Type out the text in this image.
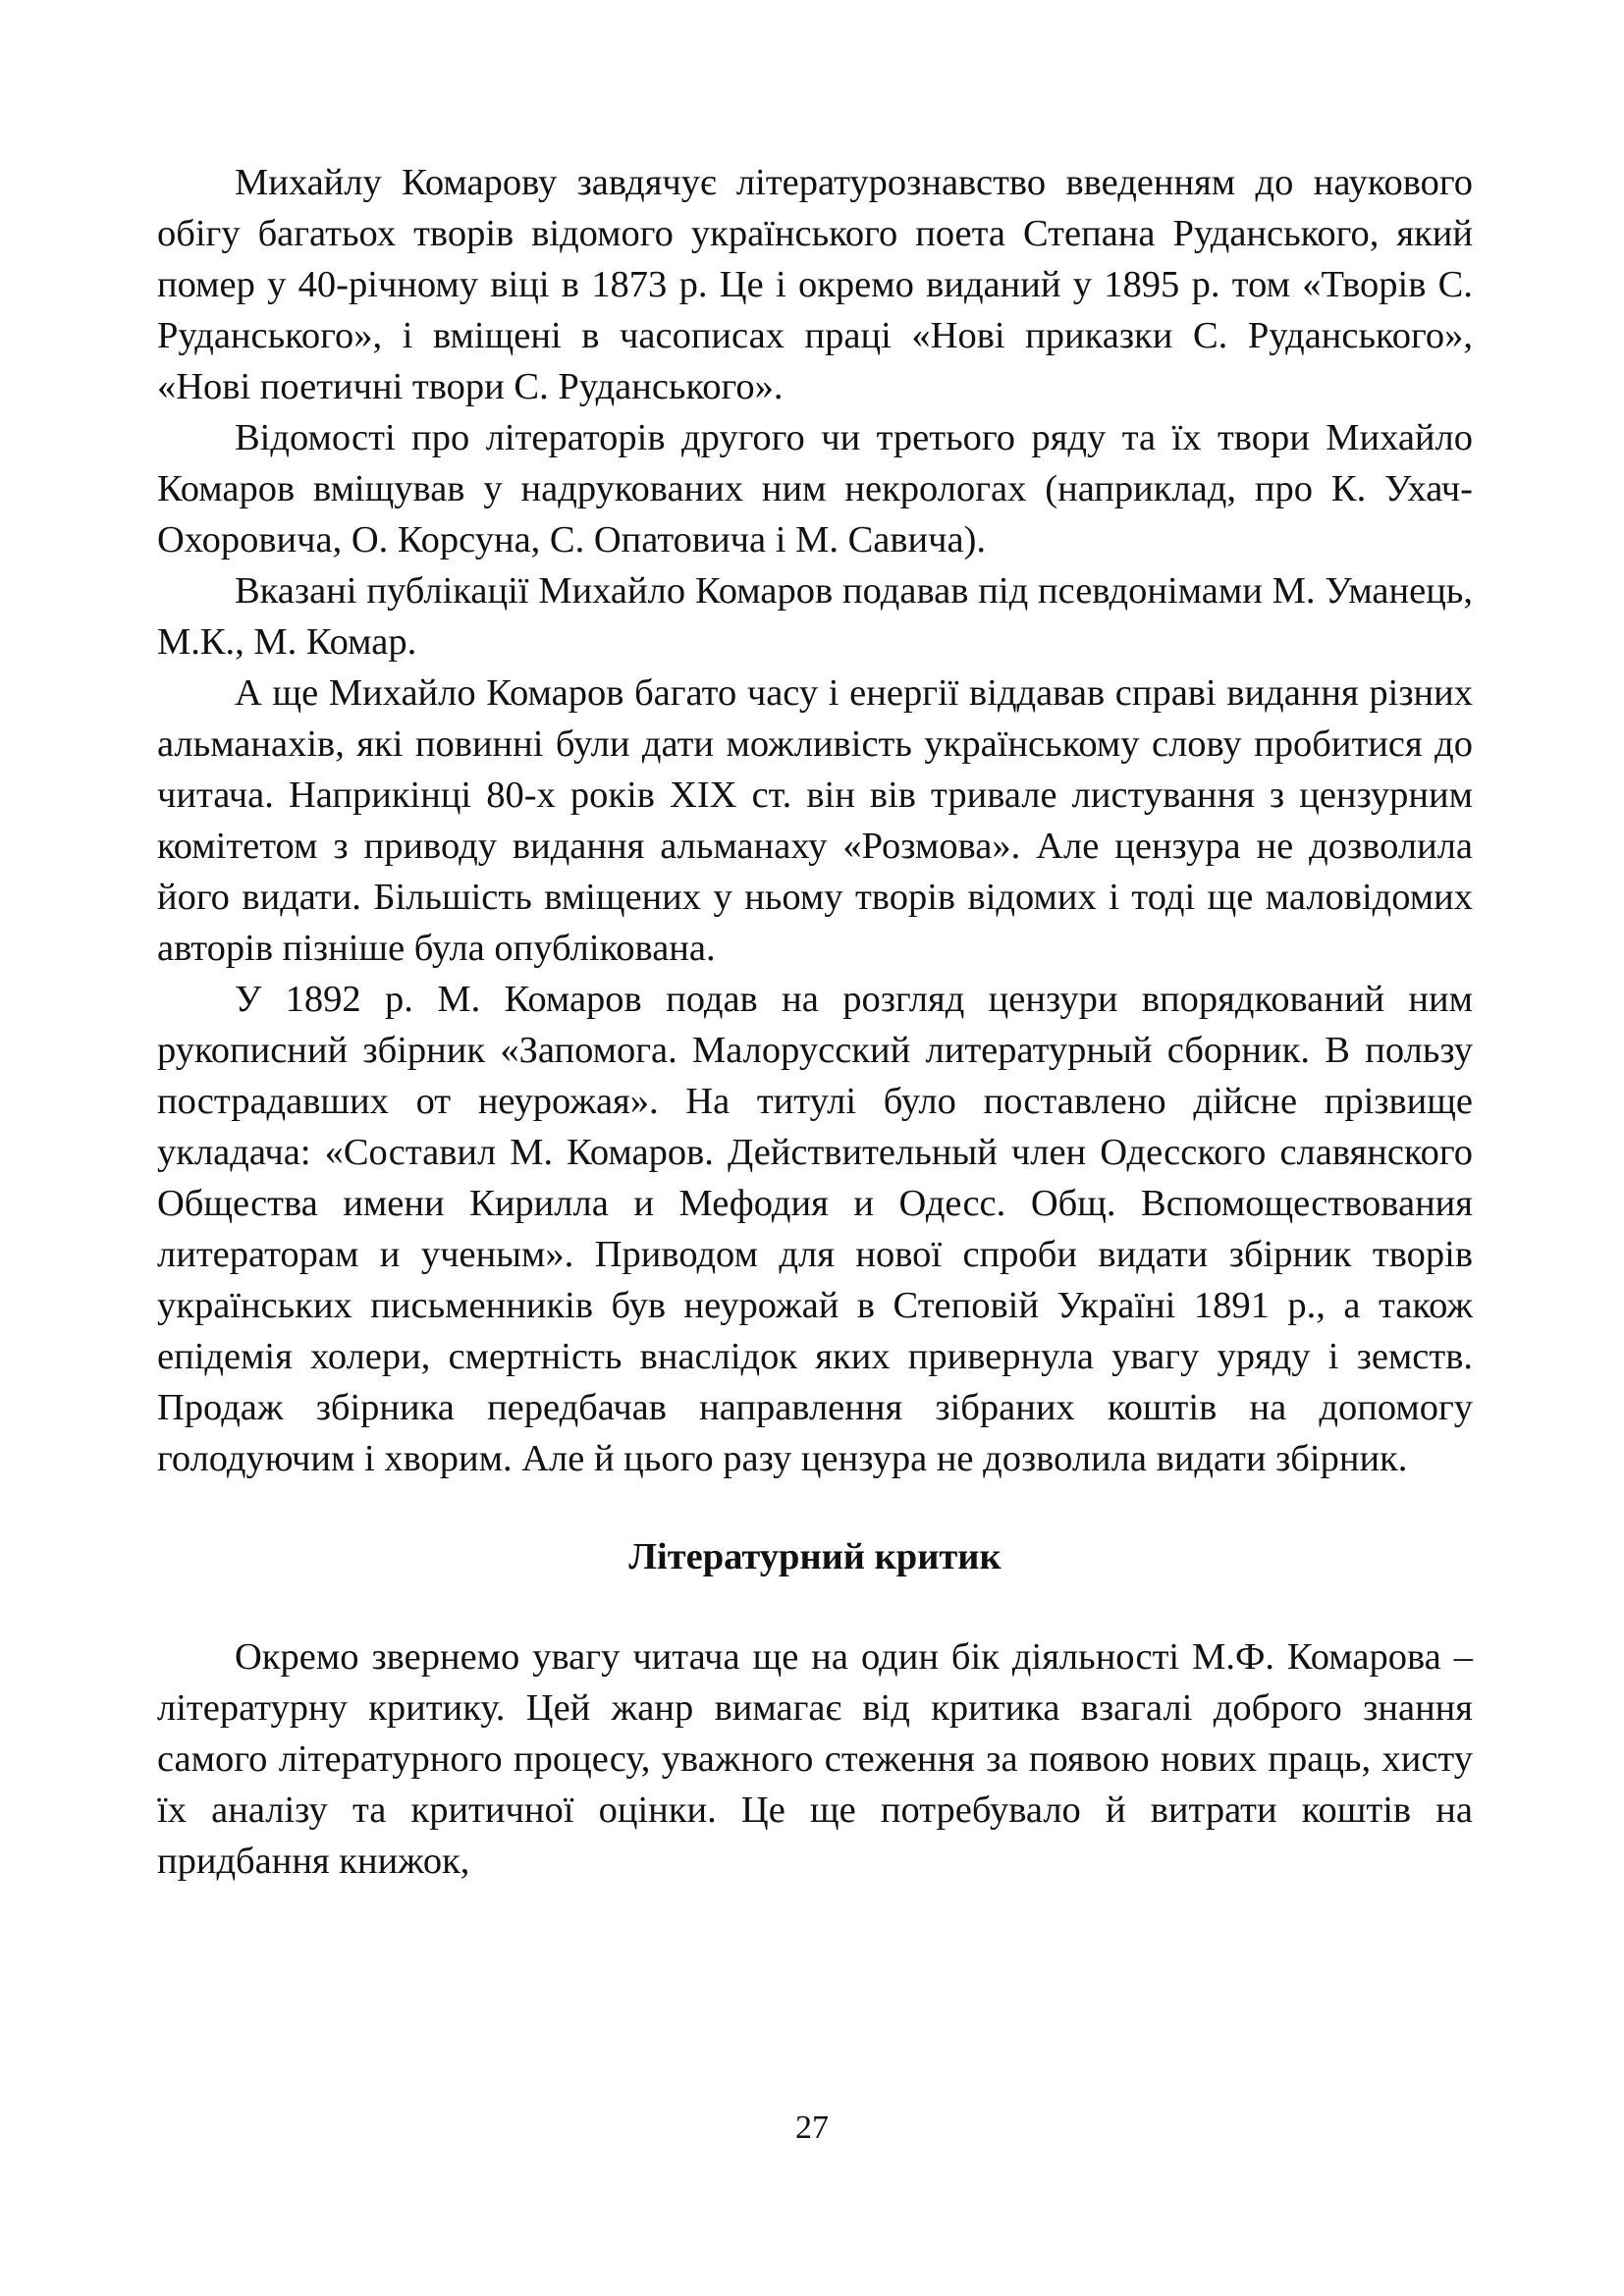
Михайлу Комарову завдячує літературознавство введенням до наукового обігу багатьох творів відомого українського поета Степана Руданського, який помер у 40-річному віці в 1873 р. Це і окремо виданий у 1895 р. том «Творів С. Руданського», і вміщені в часописах праці «Нові приказки С. Руданського», «Нові поетичні твори С. Руданського».

Відомості про літераторів другого чи третього ряду та їх твори Михайло Комаров вміщував у надрукованих ним некрологах (наприклад, про К. Ухач-Охоровича, О. Корсуна, С. Опатовича і М. Савича).

Вказані публікації Михайло Комаров подавав під псевдонімами М. Уманець, М.К., М. Комар.

А ще Михайло Комаров багато часу і енергії віддавав справі видання різних альманахів, які повинні були дати можливість українському слову пробитися до читача. Наприкінці 80-х років XIX ст. він вів тривале листування з цензурним комітетом з приводу видання альманаху «Розмова». Але цензура не дозволила його видати. Більшість вміщених у ньому творів відомих і тоді ще маловідомих авторів пізніше була опублікована.

У 1892 р. М. Комаров подав на розгляд цензури впорядкований ним рукописний збірник «Запомога. Малорусский литературный сборник. В пользу пострадавших от неурожая». На титулі було поставлено дійсне прізвище укладача: «Составил М. Комаров. Действительный член Одесского славянского Общества имени Кирилла и Мефодия и Одесс. Общ. Вспомоществования литераторам и ученым». Приводом для нової спроби видати збірник творів українських письменників був неурожай в Степовій Україні 1891 р., а також епідемія холери, смертність внаслідок яких привернула увагу уряду і земств. Продаж збірника передбачав направлення зібраних коштів на допомогу голодуючим і хворим. Але й цього разу цензура не дозволила видати збірник.

Літературний критик

Окремо звернемо увагу читача ще на один бік діяльності М.Ф. Комарова – літературну критику. Цей жанр вимагає від критика взагалі доброго знання самого літературного процесу, уважного стеження за появою нових праць, хисту їх аналізу та критичної оцінки. Це ще потребувало й витрати коштів на придбання книжок,

27
